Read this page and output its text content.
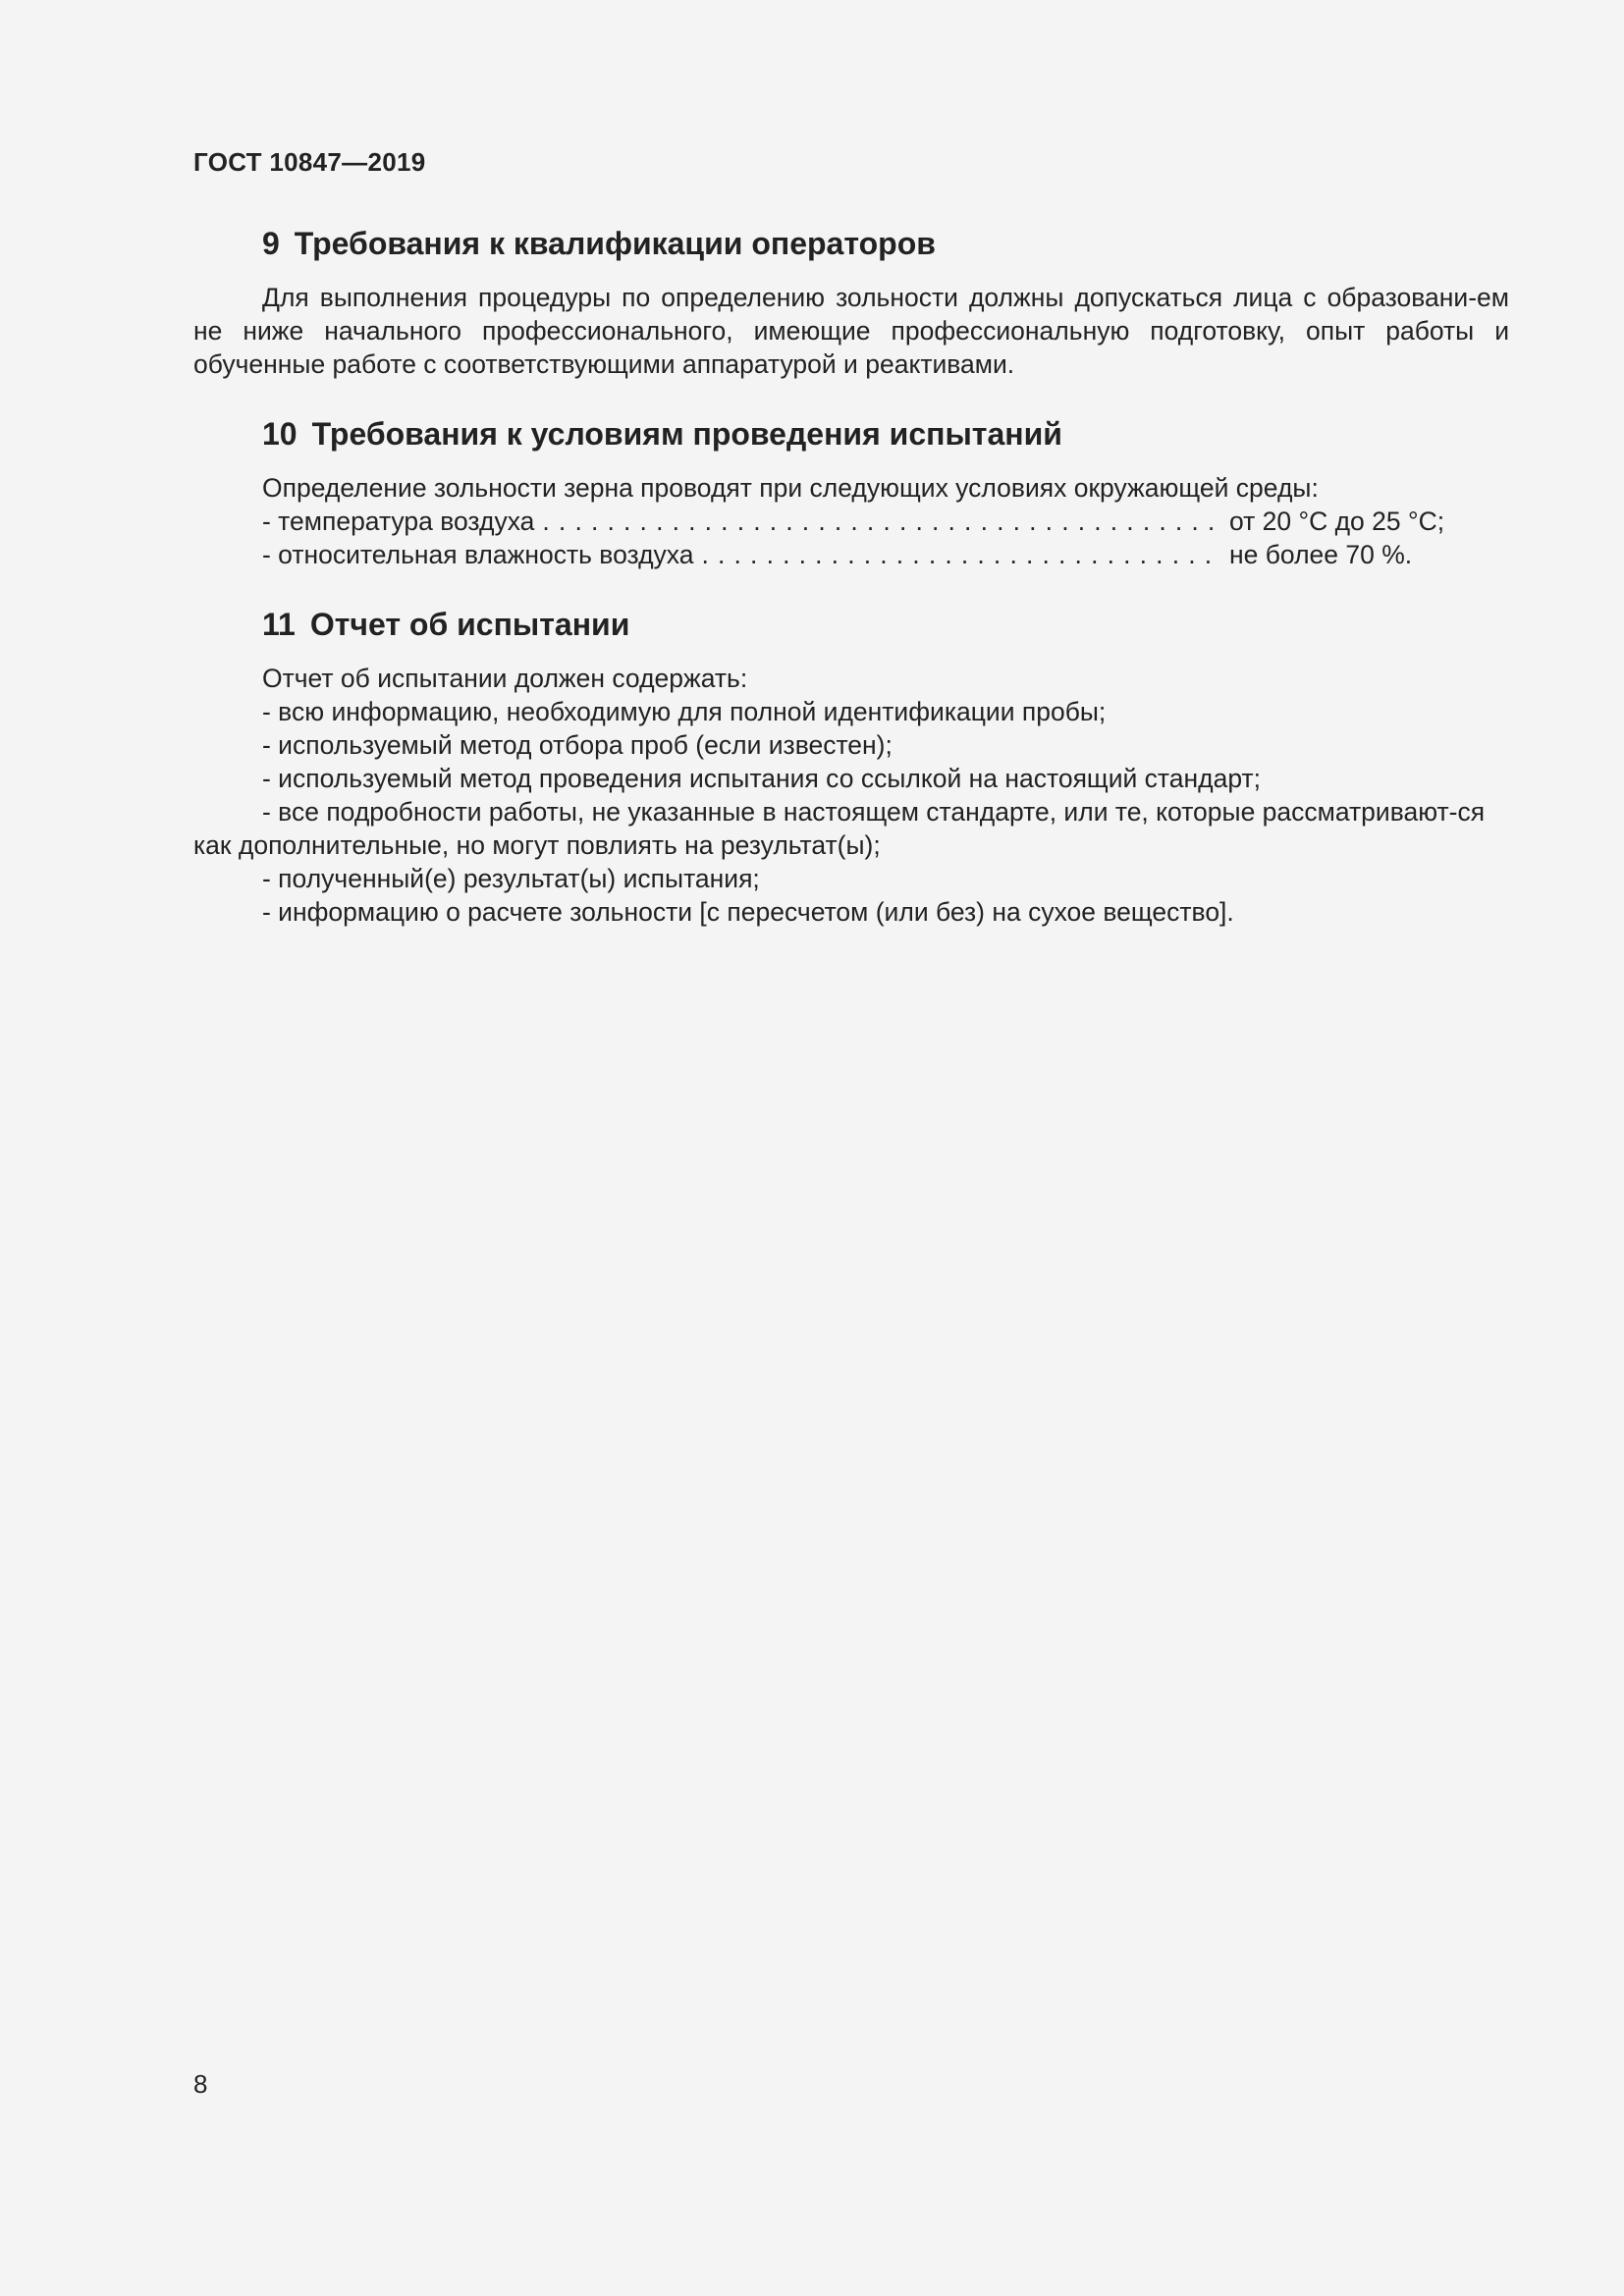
ГОСТ 10847—2019

9 Требования к квалификации операторов

Для выполнения процедуры по определению зольности должны допускаться лица с образовани-ем не ниже начального профессионального, имеющие профессиональную подготовку, опыт работы и обученные работе с соответствующими аппаратурой и реактивами.

10 Требования к условиям проведения испытаний

Определение зольности зерна проводят при следующих условиях окружающей среды:

- температура воздуха . . .	от 20 °С до 25 °С;
- относительная влажность воздуха . . .	не более 70 %.
11 Отчет об испытании

Отчет об испытании должен содержать:

- всю информацию, необходимую для полной идентификации пробы;

- используемый метод отбора проб (если известен);

- используемый метод проведения испытания со ссылкой на настоящий стандарт;

- все подробности работы, не указанные в настоящем стандарте, или те, которые рассматривают-ся как дополнительные, но могут повлиять на результат(ы);

- полученный(е) результат(ы) испытания;

- информацию о расчете зольности [с пересчетом (или без) на сухое вещество].

8
